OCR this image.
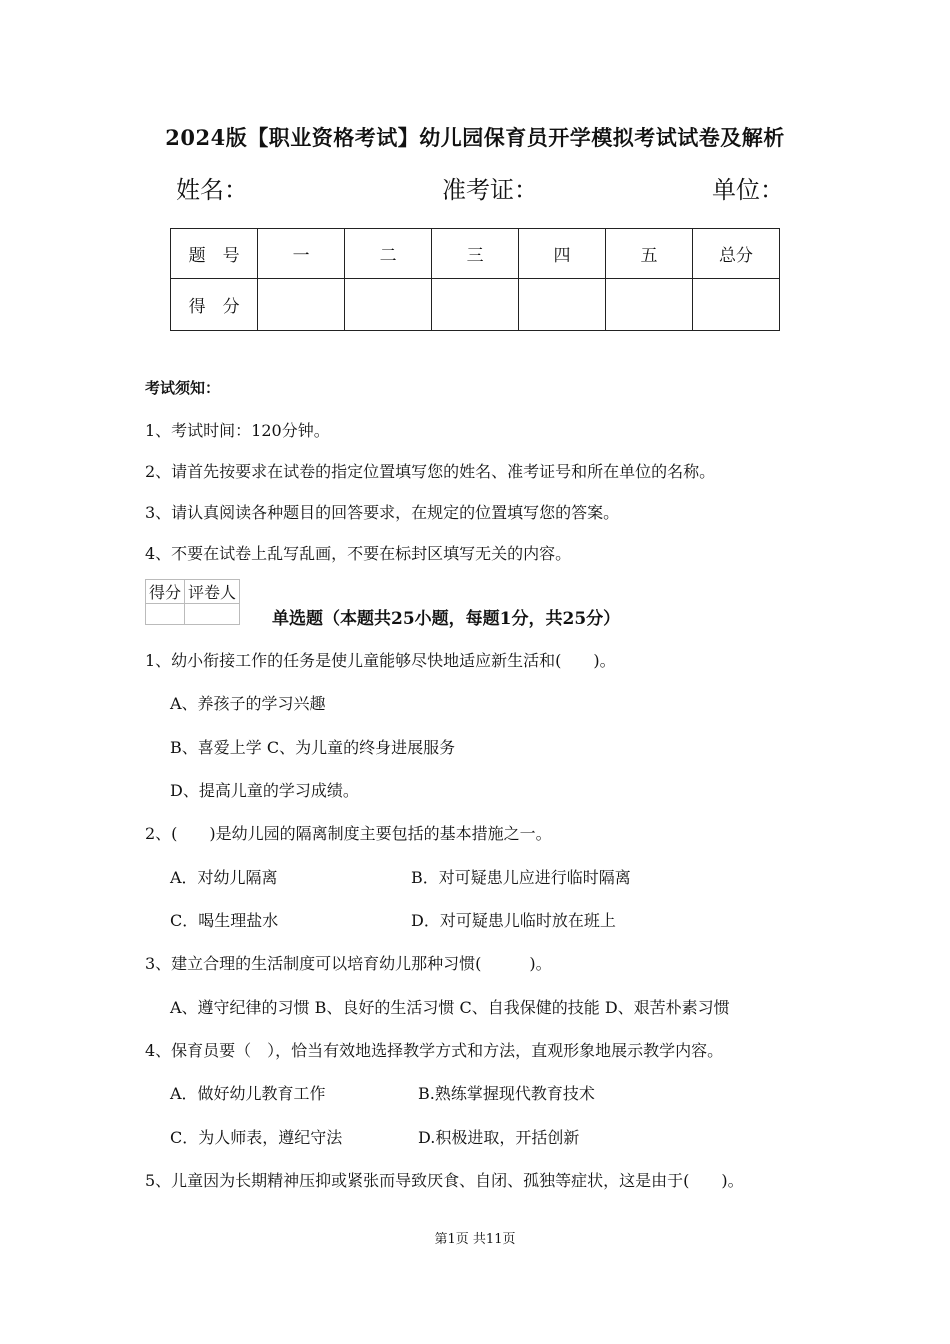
2024版【职业资格考试】幼儿园保育员开学模拟考试试卷及解析
姓名：	准考证：	单位：
题　号	一	二	三	四	五	总分
得　分						
考试须知：
1、考试时间：120分钟。
2、请首先按要求在试卷的指定位置填写您的姓名、准考证号和所在单位的名称。
3、请认真阅读各种题目的回答要求，在规定的位置填写您的答案。
4、不要在试卷上乱写乱画，不要在标封区填写无关的内容。
得分	评卷人

单选题（本题共25小题，每题1分，共25分）
1、幼小衔接工作的任务是使儿童能够尽快地适应新生活和(　　)。
A、养孩子的学习兴趣
B、喜爱上学 C、为儿童的终身进展服务
D、提高儿童的学习成绩。
2、(　　)是幼儿园的隔离制度主要包括的基本措施之一。
A．对幼儿隔离	B．对可疑患儿应进行临时隔离
C．喝生理盐水	D．对可疑患儿临时放在班上
3、建立合理的生活制度可以培育幼儿那种习惯(　　　)。
A、遵守纪律的习惯 B、良好的生活习惯 C、自我保健的技能 D、艰苦朴素习惯
4、保育员要（　），恰当有效地选择教学方式和方法，直观形象地展示教学内容。
A．做好幼儿教育工作	B.熟练掌握现代教育技术
C．为人师表，遵纪守法	D.积极进取，开括创新
5、儿童因为长期精神压抑或紧张而导致厌食、自闭、孤独等症状，这是由于(　　)。
第1页 共11页
